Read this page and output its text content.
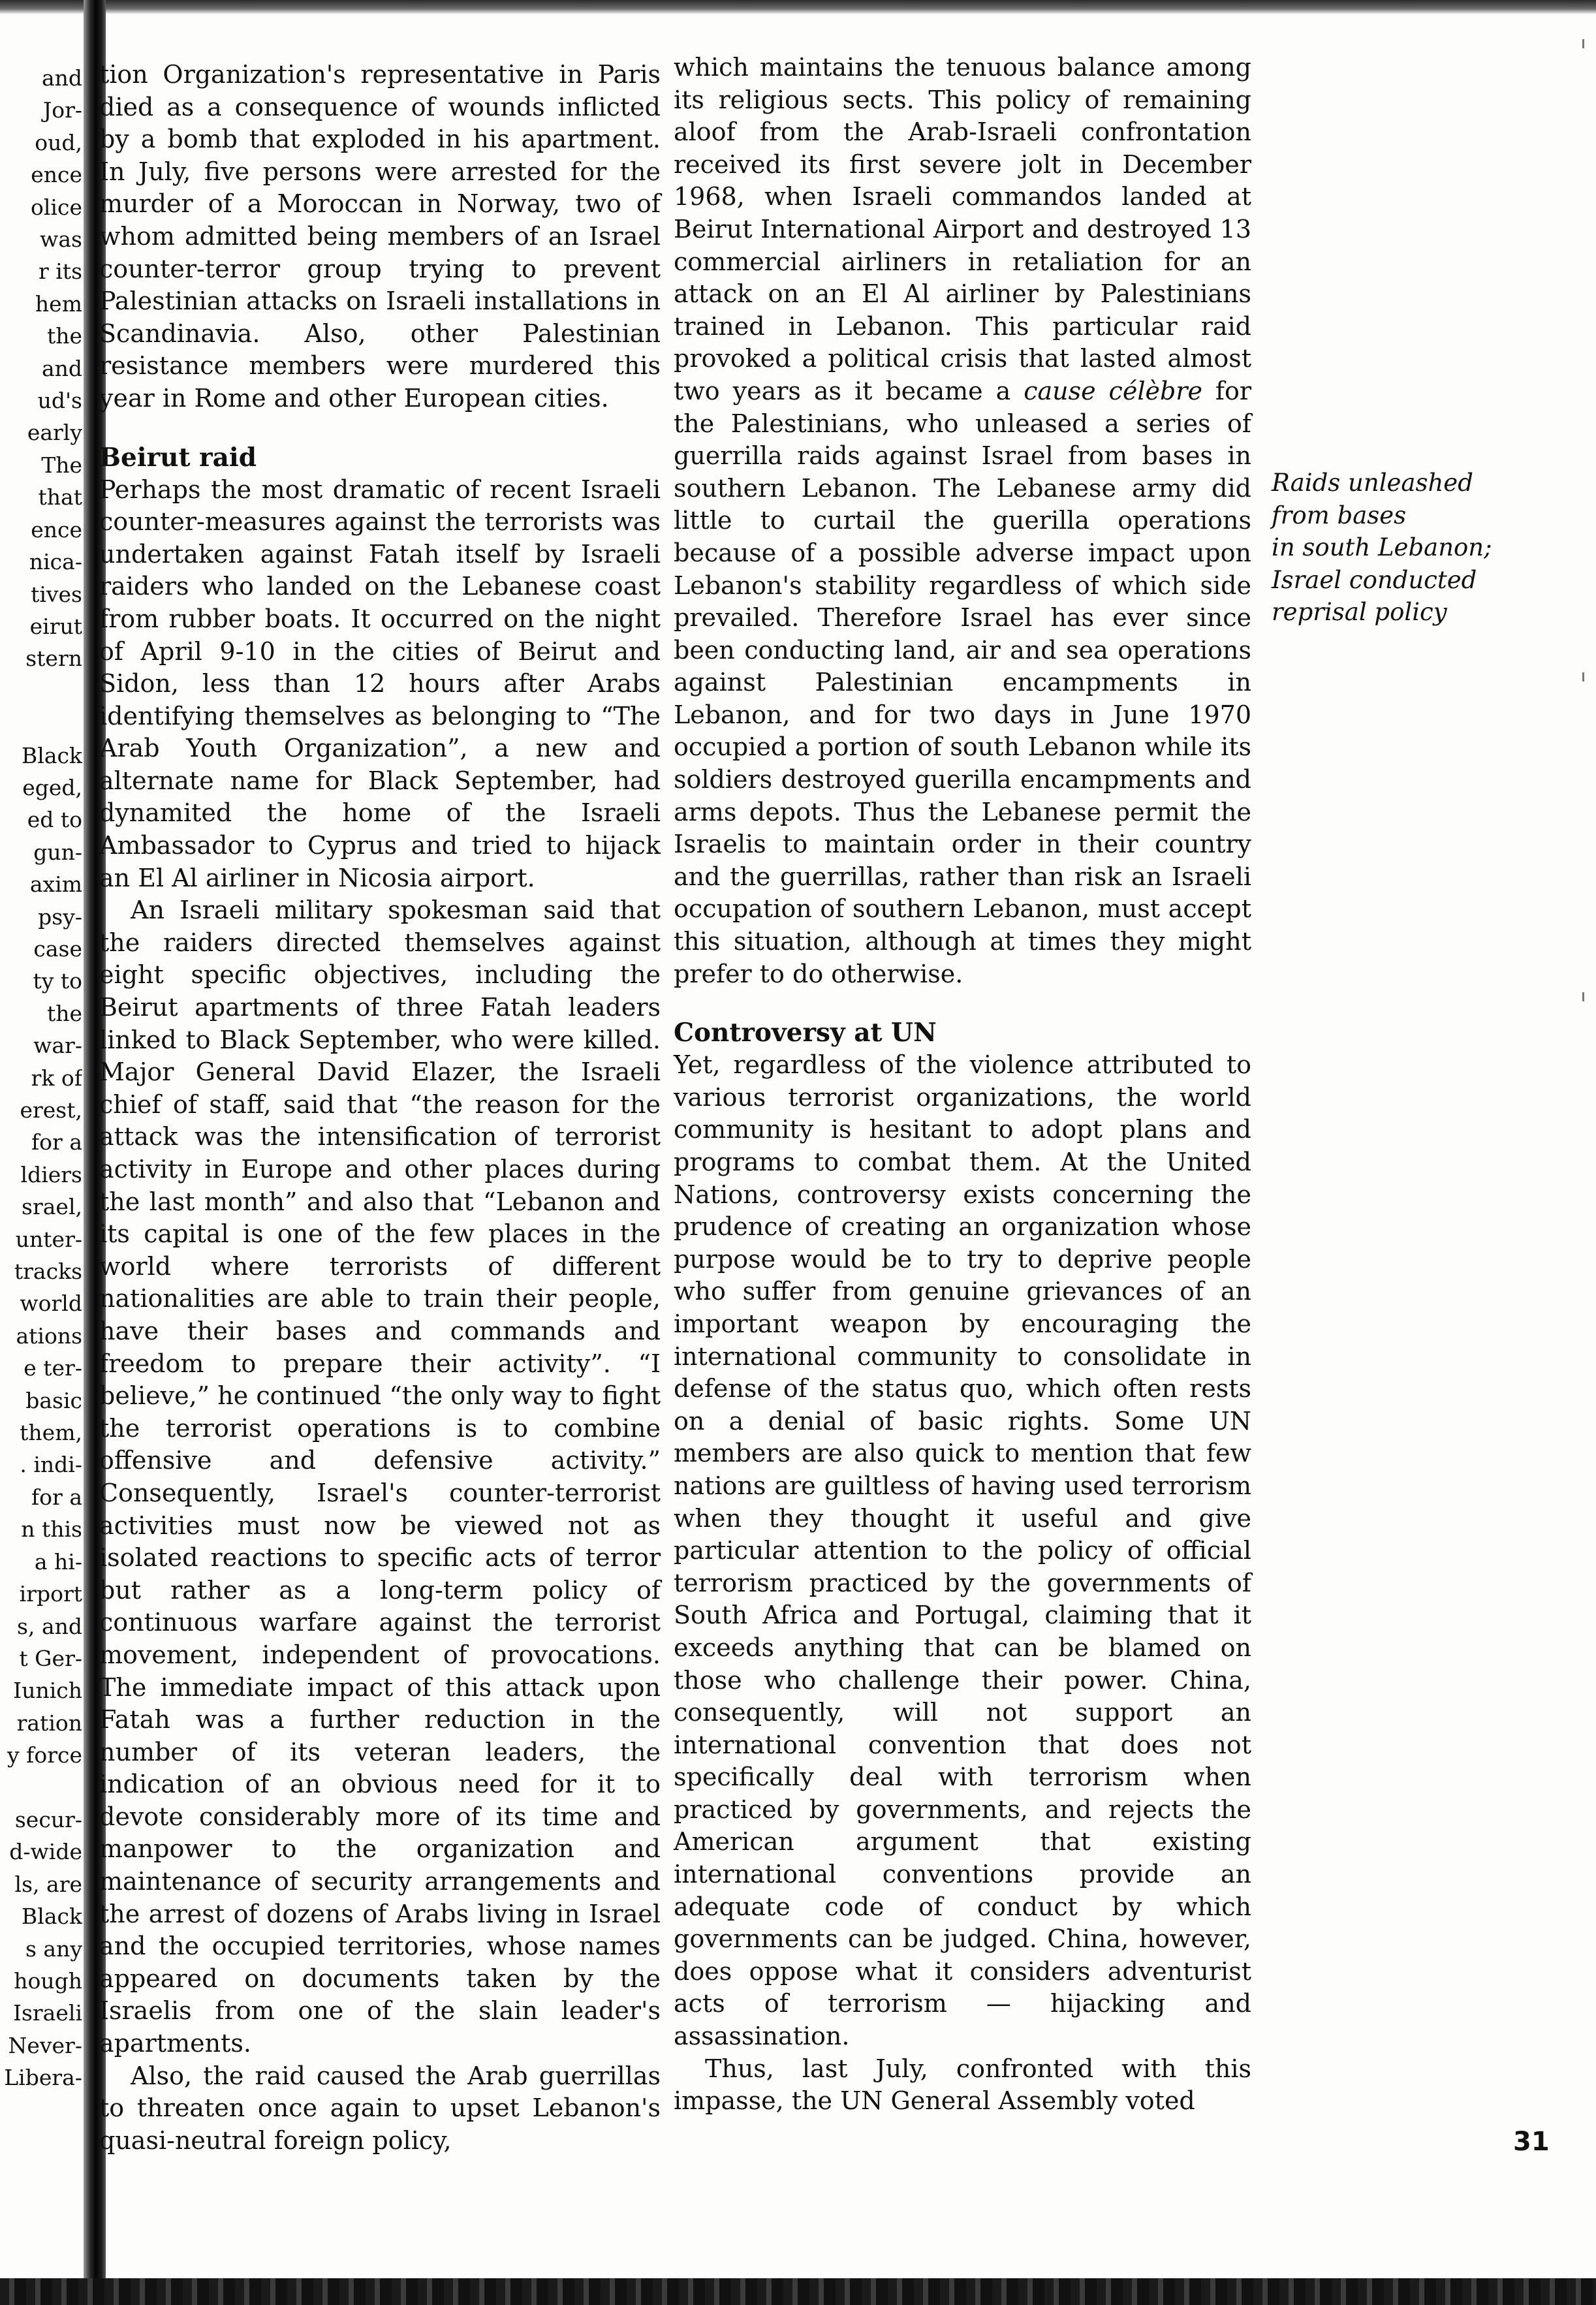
and
Jor-
oud,
ence
olice
was
r its
hem
the
and
ud's
early
The
that
ence
nica-
tives
eirut
stern

Black
eged,
ed to
gun-
axim
psy-
case
ty to
the
war-
rk of
erest,
for a
ldiers
srael,
unter-
tracks
world
ations
e ter-
basic
them,
. indi-
for a
n this
a hi-
irport
s, and
t Ger-
Iunich
ration
y force

secur-
d-wide
ls, are
Black
s any
hough
Israeli
Never-
Libera-

tion Organization's representative in Paris died as a consequence of wounds inflicted by a bomb that exploded in his apartment. In July, five persons were arrested for the murder of a Moroccan in Norway, two of whom admitted being members of an Israel counter-terror group trying to prevent Palestinian attacks on Israeli installations in Scandinavia. Also, other Palestinian resistance members were murdered this year in Rome and other European cities.

Beirut raid

Perhaps the most dramatic of recent Israeli counter-measures against the terrorists was undertaken against Fatah itself by Israeli raiders who landed on the Lebanese coast from rubber boats. It occurred on the night of April 9-10 in the cities of Beirut and Sidon, less than 12 hours after Arabs identifying themselves as belonging to “The Arab Youth Organization”, a new and alternate name for Black September, had dynamited the home of the Israeli Ambassador to Cyprus and tried to hijack an El Al airliner in Nicosia airport.

An Israeli military spokesman said that the raiders directed themselves against eight specific objectives, including the Beirut apartments of three Fatah leaders linked to Black September, who were killed. Major General David Elazer, the Israeli chief of staff, said that “the reason for the attack was the intensification of terrorist activity in Europe and other places during the last month” and also that “Lebanon and its capital is one of the few places in the world where terrorists of different nationalities are able to train their people, have their bases and commands and freedom to prepare their activity”. “I believe,” he continued “the only way to fight the terrorist operations is to combine offensive and defensive activity.” Consequently, Israel's counter-terrorist activities must now be viewed not as isolated reactions to specific acts of terror but rather as a long-term policy of continuous warfare against the terrorist movement, independent of provocations. The immediate impact of this attack upon Fatah was a further reduction in the number of its veteran leaders, the indication of an obvious need for it to devote considerably more of its time and manpower to the organization and maintenance of security arrangements and the arrest of dozens of Arabs living in Israel and the occupied territories, whose names appeared on documents taken by the Israelis from one of the slain leader's apartments.

Also, the raid caused the Arab guerrillas to threaten once again to upset Lebanon's quasi-neutral foreign policy,

which maintains the tenuous balance among its religious sects. This policy of remaining aloof from the Arab-Israeli confrontation received its first severe jolt in December 1968, when Israeli commandos landed at Beirut International Airport and destroyed 13 commercial airliners in retaliation for an attack on an El Al airliner by Palestinians trained in Lebanon. This particular raid provoked a political crisis that lasted almost two years as it became a cause célèbre for the Palestinians, who unleased a series of guerrilla raids against Israel from bases in southern Lebanon. The Lebanese army did little to curtail the guerilla operations because of a possible adverse impact upon Lebanon's stability regardless of which side prevailed. Therefore Israel has ever since been conducting land, air and sea operations against Palestinian encampments in Lebanon, and for two days in June 1970 occupied a portion of south Lebanon while its soldiers destroyed guerilla encampments and arms depots. Thus the Lebanese permit the Israelis to maintain order in their country and the guerrillas, rather than risk an Israeli occupation of southern Lebanon, must accept this situation, although at times they might prefer to do otherwise.

Controversy at UN

Yet, regardless of the violence attributed to various terrorist organizations, the world community is hesitant to adopt plans and programs to combat them. At the United Nations, controversy exists concerning the prudence of creating an organization whose purpose would be to try to deprive people who suffer from genuine grievances of an important weapon by encouraging the international community to consolidate in defense of the status quo, which often rests on a denial of basic rights. Some UN members are also quick to mention that few nations are guiltless of having used terrorism when they thought it useful and give particular attention to the policy of official terrorism practiced by the governments of South Africa and Portugal, claiming that it exceeds anything that can be blamed on those who challenge their power. China, consequently, will not support an international convention that does not specifically deal with terrorism when practiced by governments, and rejects the American argument that existing international conventions provide an adequate code of conduct by which governments can be judged. China, however, does oppose what it considers adventurist acts of terrorism — hijacking and assassination.

Thus, last July, confronted with this impasse, the UN General Assembly voted

Raids unleashed
from bases
in south Lebanon;
Israel conducted
reprisal policy
31
